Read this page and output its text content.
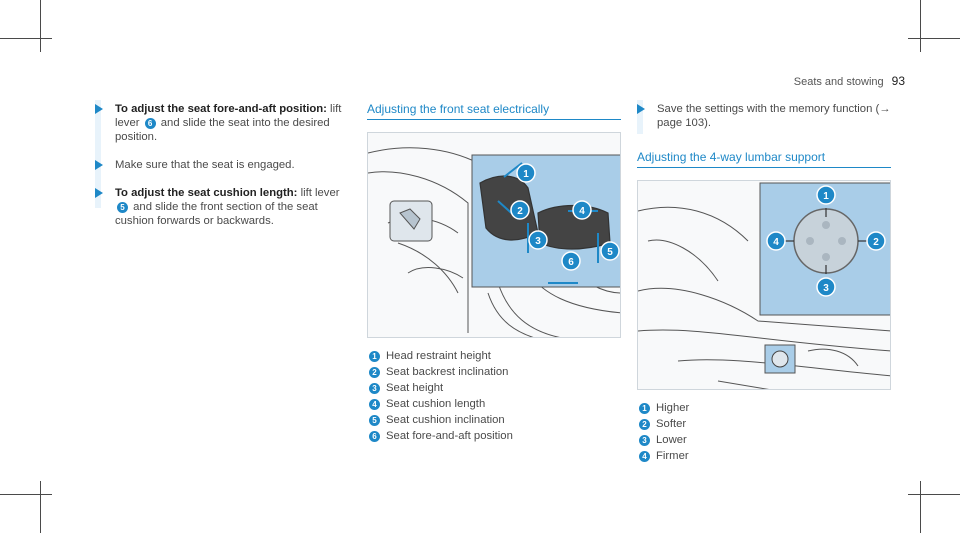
Seats and stowing 93
To adjust the seat fore-and-aft position: lift lever 6 and slide the seat into the desired position.
Make sure that the seat is engaged.
To adjust the seat cushion length: lift lever 5 and slide the front section of the seat cushion forwards or backwards.
Adjusting the front seat electrically
1
2
3
4
5
6
1 Head restraint height
2 Seat backrest inclination
3 Seat height
4 Seat cushion length
5 Seat cushion inclination
6 Seat fore-and-aft position
Save the settings with the memory function (→ page 103).
Adjusting the 4-way lumbar support
1
2
3
4
1 Higher
2 Softer
3 Lower
4 Firmer
